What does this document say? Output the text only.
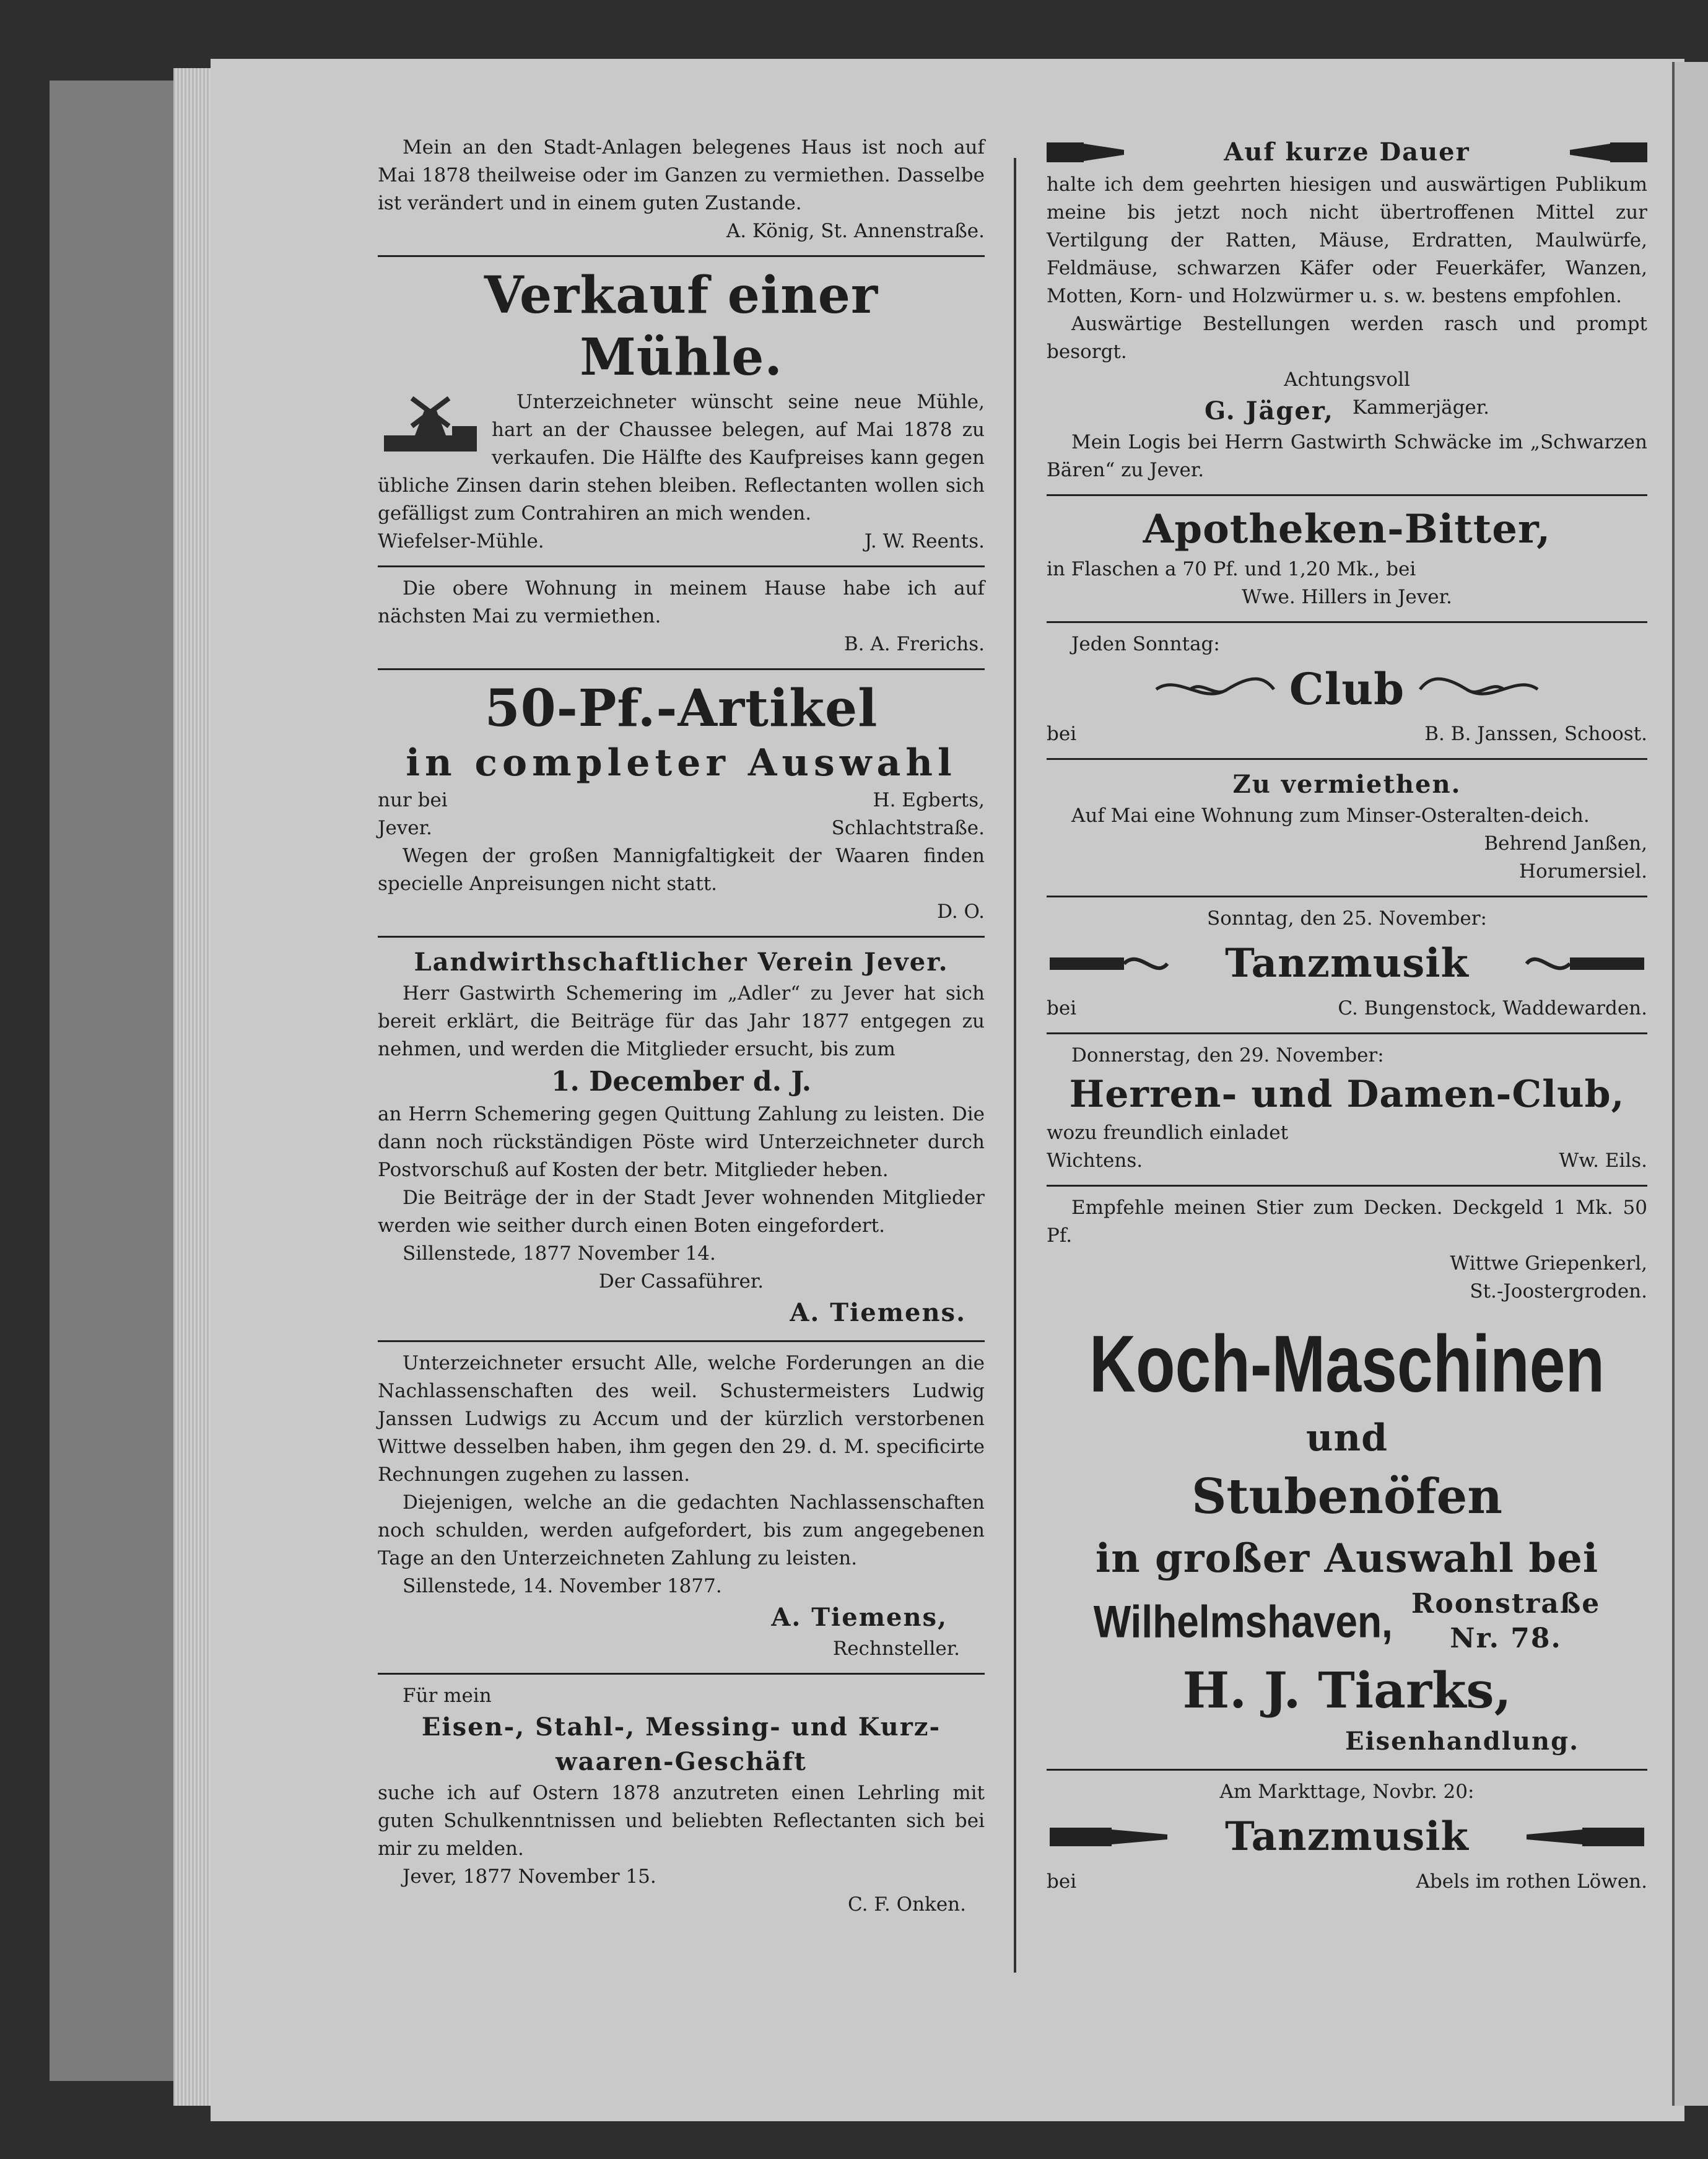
Mein an den Stadt-Anlagen belegenes Haus ist noch auf Mai 1878 theilweise oder im Ganzen zu vermiethen. Dasselbe ist verändert und in einem guten Zustande.

A. König, St. Annenstraße.

Verkauf einer Mühle.

Unterzeichneter wünscht seine neue Mühle, hart an der Chaussee belegen, auf Mai 1878 zu verkaufen. Die Hälfte des Kaufpreises kann gegen übliche Zinsen darin stehen bleiben. Reflectanten wollen sich gefälligst zum Contrahiren an mich wenden.

Wiefelser-Mühle.	J. W. Reents.

Die obere Wohnung in meinem Hause habe ich auf nächsten Mai zu vermiethen.

B. A. Frerichs.

50-Pf.-Artikel
in completer Auswahl
nur bei	H. Egberts,
Jever.	Schlachtstraße.

Wegen der großen Mannigfaltigkeit der Waaren finden specielle Anpreisungen nicht statt.

D. O.

Landwirthschaftlicher Verein Jever.

Herr Gastwirth Schemering im „Adler“ zu Jever hat sich bereit erklärt, die Beiträge für das Jahr 1877 entgegen zu nehmen, und werden die Mitglieder ersucht, bis zum

1. December d. J.

an Herrn Schemering gegen Quittung Zahlung zu leisten. Die dann noch rückständigen Pöste wird Unterzeichneter durch Postvorschuß auf Kosten der betr. Mitglieder heben.

Die Beiträge der in der Stadt Jever wohnenden Mitglieder werden wie seither durch einen Boten eingefordert.

Sillenstede, 1877 November 14.

Der Cassaführer.

A. Tiemens.

Unterzeichneter ersucht Alle, welche Forderungen an die Nachlassenschaften des weil. Schustermeisters Ludwig Janssen Ludwigs zu Accum und der kürzlich verstorbenen Wittwe desselben haben, ihm gegen den 29. d. M. specificirte Rechnungen zugehen zu lassen.

Diejenigen, welche an die gedachten Nachlassenschaften noch schulden, werden aufgefordert, bis zum angegebenen Tage an den Unterzeichneten Zahlung zu leisten.

Sillenstede, 14. November 1877.

A. Tiemens,

Rechnsteller.

Für mein

Eisen-, Stahl-, Messing- und Kurz-
waaren-Geschäft

suche ich auf Ostern 1878 anzutreten einen Lehrling mit guten Schulkenntnissen und beliebten Reflectanten sich bei mir zu melden.

Jever, 1877 November 15.

C. F. Onken.

Auf kurze Dauer

halte ich dem geehrten hiesigen und auswärtigen Publikum meine bis jetzt noch nicht übertroffenen Mittel zur Vertilgung der Ratten, Mäuse, Erdratten, Maulwürfe, Feldmäuse, schwarzen Käfer oder Feuerkäfer, Wanzen, Motten, Korn- und Holzwürmer u. s. w. bestens empfohlen.

Auswärtige Bestellungen werden rasch und prompt besorgt.

Achtungsvoll

G. Jäger, Kammerjäger.

Mein Logis bei Herrn Gastwirth Schwäcke im „Schwarzen Bären“ zu Jever.

Apotheken-Bitter,

in Flaschen a 70 Pf. und 1,20 Mk., bei

Wwe. Hillers in Jever.

Jeden Sonntag:

Club
bei	B. B. Janssen, Schoost.
Zu vermiethen.

Auf Mai eine Wohnung zum Minser-Osteralten-deich.

Behrend Janßen,

Horumersiel.

Sonntag, den 25. November:

Tanzmusik
bei	C. Bungenstock, Waddewarden.

Donnerstag, den 29. November:

Herren- und Damen-Club,

wozu freundlich einladet

Wichtens.	Ww. Eils.

Empfehle meinen Stier zum Decken. Deckgeld 1 Mk. 50 Pf.

Wittwe Griepenkerl,

St.-Joostergroden.

Koch-Maschinen
und
Stubenöfen
in großer Auswahl bei
Wilhelmshaven, Roonstraße
Nr. 78.
H. J. Tiarks,
Eisenhandlung.

Am Markttage, Novbr. 20:

Tanzmusik
bei	Abels im rothen Löwen.
